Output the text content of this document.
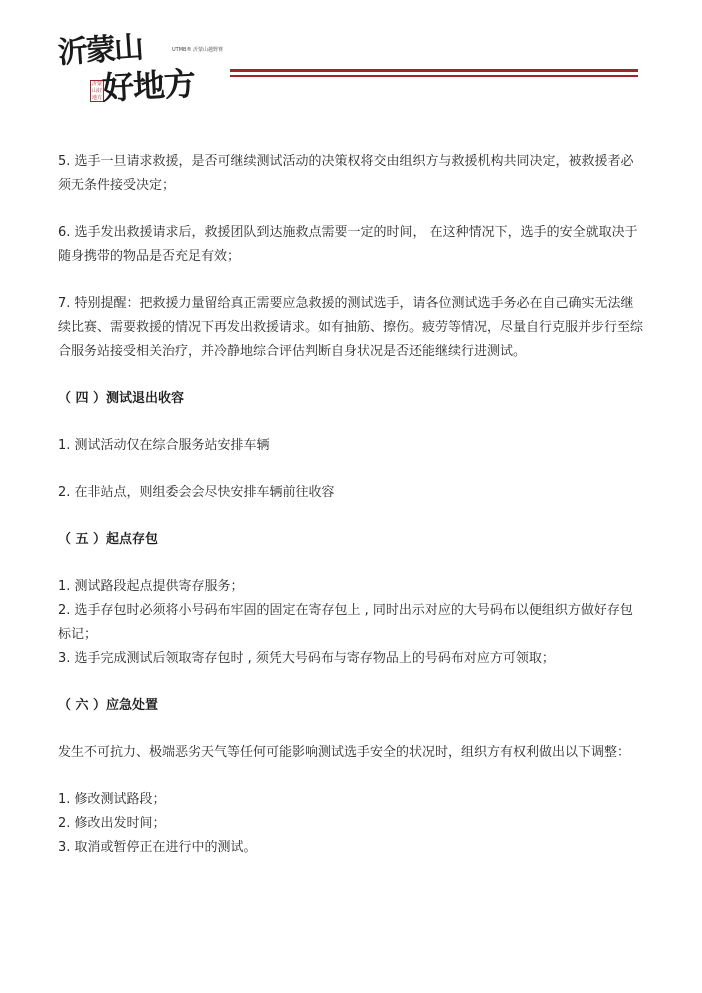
沂蒙山	UTMB® 沂蒙山越野赛
沂蒙山好地方 好地方

5. 选手一旦请求救援，是否可继续测试活动的决策权将交由组织方与救援机构共同决定，被救援者必须无条件接受决定；

6. 选手发出救援请求后，救援团队到达施救点需要一定的时间， 在这种情况下，选手的安全就取决于随身携带的物品是否充足有效；

7. 特别提醒：把救援力量留给真正需要应急救援的测试选手，请各位测试选手务必在自己确实无法继续比赛、需要救援的情况下再发出救援请求。如有抽筋、擦伤。疲劳等情况，尽量自行克服并步行至综合服务站接受相关治疗，并冷静地综合评估判断自身状况是否还能继续行进测试。

（ 四 ）测试退出收容

1. 测试活动仅在综合服务站安排车辆

2. 在非站点，则组委会会尽快安排车辆前往收容

（ 五 ）起点存包

1. 测试路段起点提供寄存服务；

2. 选手存包时必须将小号码布牢固的固定在寄存包上 , 同时出示对应的大号码布以便组织方做好存包标记；

3. 选手完成测试后领取寄存包时 , 须凭大号码布与寄存物品上的号码布对应方可领取；

（ 六 ）应急处置

发生不可抗力、极端恶劣天气等任何可能影响测试选手安全的状况时，组织方有权利做出以下调整：

1. 修改测试路段；

2. 修改出发时间；

3. 取消或暂停正在进行中的测试。
